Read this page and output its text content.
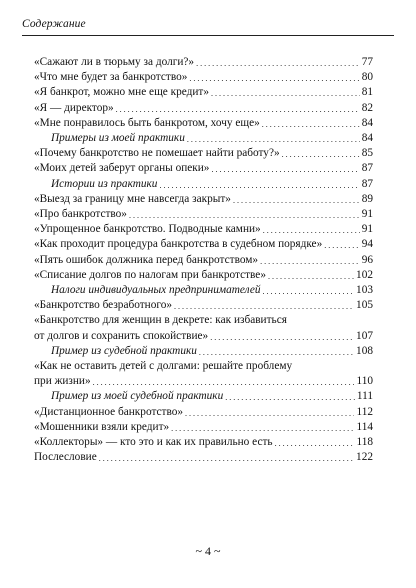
Содержание
«Сажают ли в тюрьму за долги?» . . .	77
«Что мне будет за банкротство» . . .	80
«Я банкрот, можно мне еще кредит» . . .	81
«Я — директор» . . .	82
«Мне понравилось быть банкротом, хочу еще» . . .	84
Примеры из моей практики . . .	84
«Почему банкротство не помешает найти работу?» . . .	85
«Моих детей заберут органы опеки» . . .	87
Истории из практики . . .	87
«Выезд за границу мне навсегда закрыт» . . .	89
«Про банкротство» . . .	91
«Упрощенное банкротство. Подводные камни» . . .	91
«Как проходит процедура банкротства в судебном порядке» . . .	94
«Пять ошибок должника перед банкротством» . . .	96
«Списание долгов по налогам при банкротстве» . . .	102
Налоги индивидуальных предпринимателей . . .	103
«Банкротство безработного» . . .	105
«Банкротство для женщин в декрете: как избавиться
от долгов и сохранить спокойствие» . . .	107
Пример из судебной практики . . .	108
«Как не оставить детей с долгами: решайте проблему
при жизни» . . .	110
Пример из моей судебной практики . . .	111
«Дистанционное банкротство» . . .	112
«Мошенники взяли кредит» . . .	114
«Коллекторы» — кто это и как их правильно есть . . .	118
Послесловие . . .	122
~ 4 ~
